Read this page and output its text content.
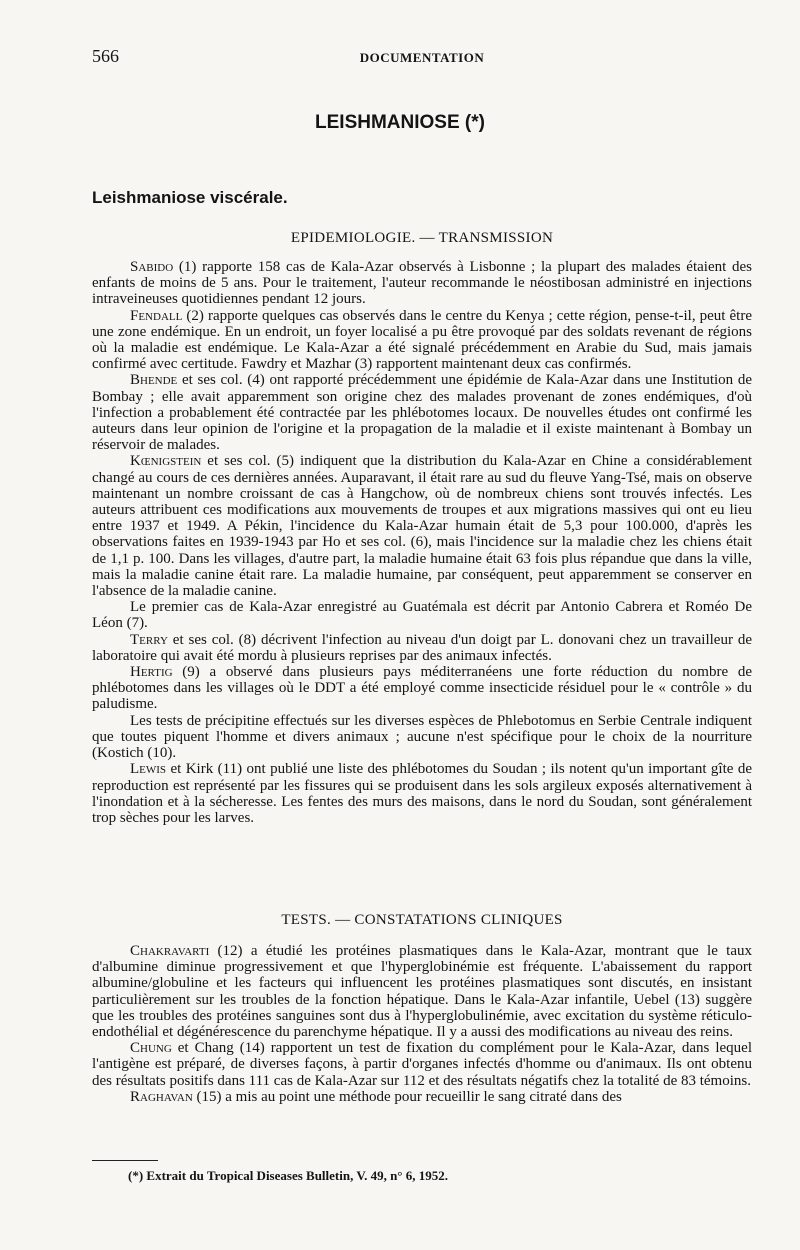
566	DOCUMENTATION
LEISHMANIOSE (*)
Leishmaniose viscérale.
EPIDEMIOLOGIE. — TRANSMISSION

Sabido (1) rapporte 158 cas de Kala-Azar observés à Lisbonne ; la plupart des malades étaient des enfants de moins de 5 ans. Pour le traitement, l'auteur recommande le néostibosan administré en injections intraveineuses quotidiennes pendant 12 jours.

Fendall (2) rapporte quelques cas observés dans le centre du Kenya ; cette région, pense-t-il, peut être une zone endémique. En un endroit, un foyer localisé a pu être provoqué par des soldats revenant de régions où la maladie est endémique. Le Kala-Azar a été signalé précédemment en Arabie du Sud, mais jamais confirmé avec certitude. Fawdry et Mazhar (3) rapportent maintenant deux cas confirmés.

Bhende et ses col. (4) ont rapporté précédemment une épidémie de Kala-Azar dans une Institution de Bombay ; elle avait apparemment son origine chez des malades provenant de zones endémiques, d'où l'infection a probablement été contractée par les phlébotomes locaux. De nouvelles études ont confirmé les auteurs dans leur opinion de l'origine et la propagation de la maladie et il existe maintenant à Bombay un réservoir de malades.

Kœnigstein et ses col. (5) indiquent que la distribution du Kala-Azar en Chine a considérablement changé au cours de ces dernières années. Auparavant, il était rare au sud du fleuve Yang-Tsé, mais on observe maintenant un nombre croissant de cas à Hangchow, où de nombreux chiens sont trouvés infectés. Les auteurs attribuent ces modifications aux mouvements de troupes et aux migrations massives qui ont eu lieu entre 1937 et 1949. A Pékin, l'incidence du Kala-Azar humain était de 5,3 pour 100.000, d'après les observations faites en 1939-1943 par Ho et ses col. (6), mais l'incidence sur la maladie chez les chiens était de 1,1 p. 100. Dans les villages, d'autre part, la maladie humaine était 63 fois plus répandue que dans la ville, mais la maladie canine était rare. La maladie humaine, par conséquent, peut apparemment se conserver en l'absence de la maladie canine.

Le premier cas de Kala-Azar enregistré au Guatémala est décrit par Antonio Cabrera et Roméo De Léon (7).

Terry et ses col. (8) décrivent l'infection au niveau d'un doigt par L. donovani chez un travailleur de laboratoire qui avait été mordu à plusieurs reprises par des animaux infectés.

Hertig (9) a observé dans plusieurs pays méditerranéens une forte réduction du nombre de phlébotomes dans les villages où le DDT a été employé comme insecticide résiduel pour le « contrôle » du paludisme.

Les tests de précipitine effectués sur les diverses espèces de Phlebotomus en Serbie Centrale indiquent que toutes piquent l'homme et divers animaux ; aucune n'est spécifique pour le choix de la nourriture (Kostich (10).

Lewis et Kirk (11) ont publié une liste des phlébotomes du Soudan ; ils notent qu'un important gîte de reproduction est représenté par les fissures qui se produisent dans les sols argileux exposés alternativement à l'inondation et à la sécheresse. Les fentes des murs des maisons, dans le nord du Soudan, sont généralement trop sèches pour les larves.

TESTS. — CONSTATATIONS CLINIQUES

Chakravarti (12) a étudié les protéines plasmatiques dans le Kala-Azar, montrant que le taux d'albumine diminue progressivement et que l'hyperglobinémie est fréquente. L'abaissement du rapport albumine/globuline et les facteurs qui influencent les protéines plasmatiques sont discutés, en insistant particulièrement sur les troubles de la fonction hépatique. Dans le Kala-Azar infantile, Uebel (13) suggère que les troubles des protéines sanguines sont dus à l'hyperglobulinémie, avec excitation du système réticulo-endothélial et dégénérescence du parenchyme hépatique. Il y a aussi des modifications au niveau des reins.

Chung et Chang (14) rapportent un test de fixation du complément pour le Kala-Azar, dans lequel l'antigène est préparé, de diverses façons, à partir d'organes infectés d'homme ou d'animaux. Ils ont obtenu des résultats positifs dans 111 cas de Kala-Azar sur 112 et des résultats négatifs chez la totalité de 83 témoins.

Raghavan (15) a mis au point une méthode pour recueillir le sang citraté dans des

(*) Extrait du Tropical Diseases Bulletin, V. 49, n° 6, 1952.
